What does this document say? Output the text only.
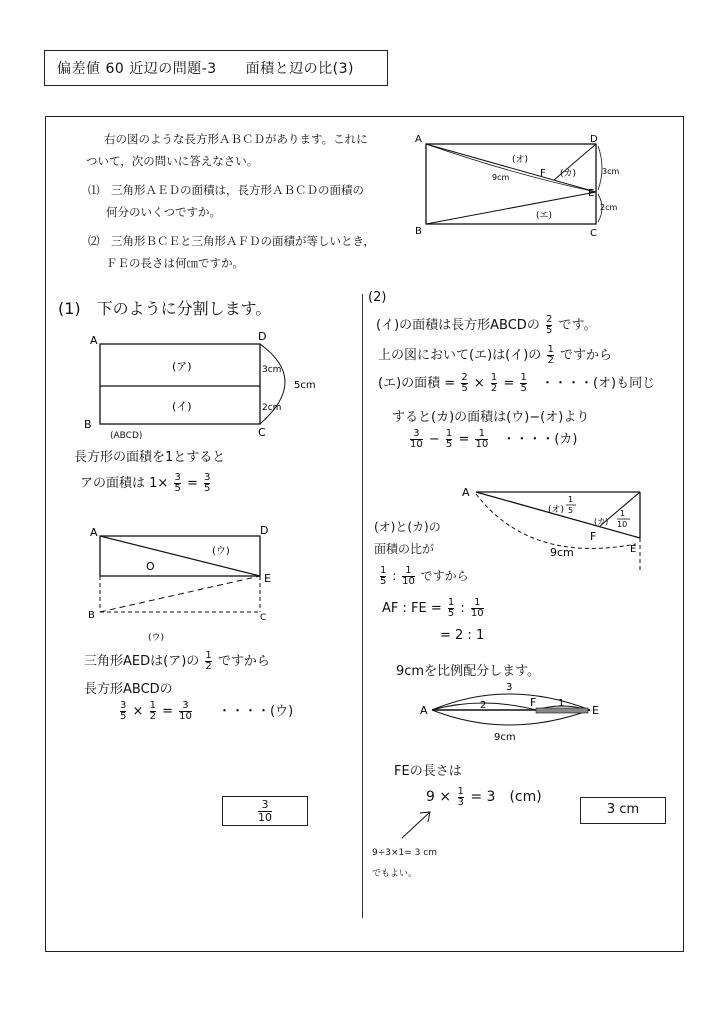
偏差値 60 近辺の問題-3　　面積と辺の比(3)
右の図のような長方形ＡＢＣＤがあります。これに
ついて，次の問いに答えなさい。
⑴　三角形ＡＥＤの面積は，長方形ＡＢＣＤの面積の
何分のいくつですか。
⑵　三角形ＢＣＥと三角形ＡＦＤの面積が等しいとき，
ＦＥの長さは何㎝ですか。
A
B	C
D
E
F
(オ)
(カ)
(エ)
9cm
3cm
2cm
(1)　下のように分割します。
A
B
C
D
(ア)
(イ)
3cm
2cm
5cm
(ABCD)
長方形の面積を1とすると
アの面積は $1\times \frac{3}{5} = \frac{3}{5}$
A
B	C
D
E
O
(ウ)
(ウ)
三角形AEDは(ア)の $\frac{1}{2}$ ですから
長方形ABCDの
$\frac{3}{5} \times \frac{1}{2} = \frac{3}{10}$ ・・・・(ウ)
$\frac{3}{10}$
(2)
(イ)の面積は長方形ABCDの $\frac{2}{5}$ です。
上の図において(エ)は(イ)の $\frac{1}{2}$ ですから
(エ)の面積 = $\frac{2}{5} \times \frac{1}{2} = \frac{1}{5}$ ・・・・(オ)も同じ
すると(カ)の面積は(ウ)−(オ)より
$\frac{3}{10} - \frac{1}{5} = \frac{1}{10}$ ・・・・(カ)
A
E
F
(オ)
1
5
(カ)
1
10
9cm
(オ)と(カ)の
面積の比が
$\frac{1}{5}$ : $\frac{1}{10}$ ですから
AF : FE = $\frac{1}{5}$ : $\frac{1}{10}$
= 2 : 1
9cmを比例配分します。
A
F
E
3
2	1
9cm
FEの長さは
$9 \times \frac{1}{3} = 3$　(cm)
3 cm
9÷3×1= 3 cm
でもよい。
